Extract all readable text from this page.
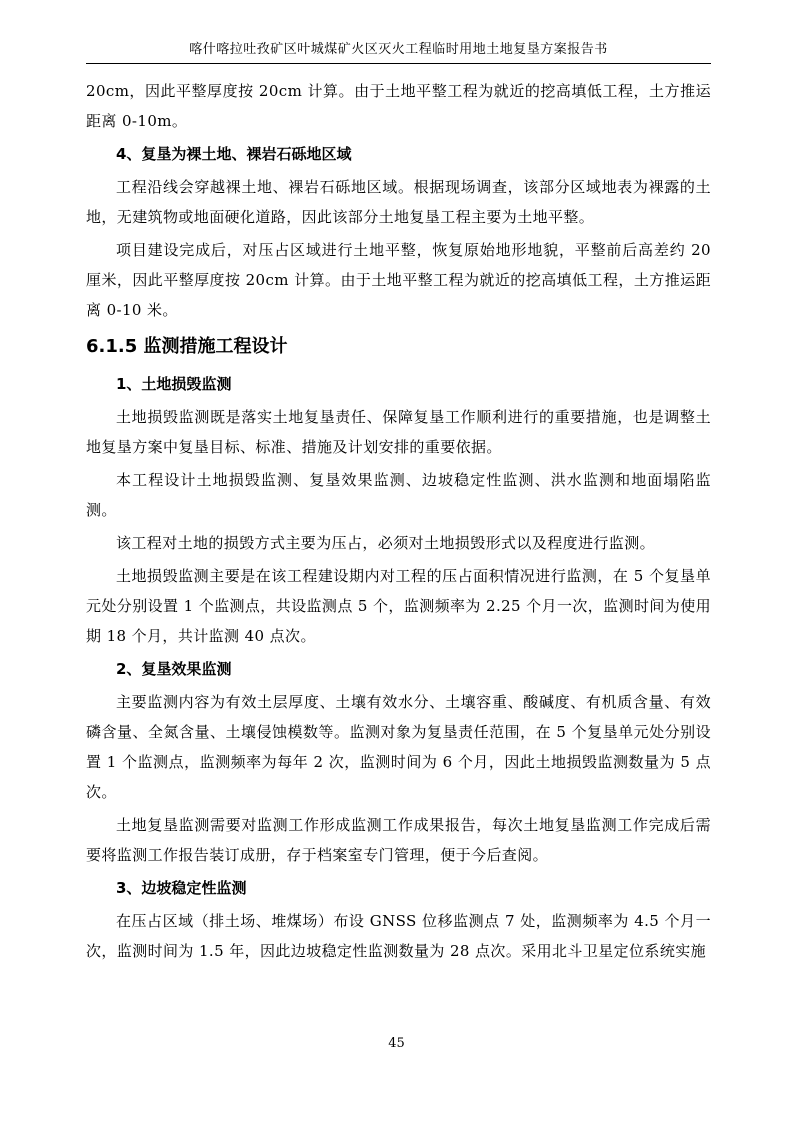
喀什喀拉吐孜矿区叶城煤矿火区灭火工程临时用地土地复垦方案报告书

20cm，因此平整厚度按 20cm 计算。由于土地平整工程为就近的挖高填低工程，土方推运距离 0-10m。

4、复垦为裸土地、裸岩石砾地区域

工程沿线会穿越裸土地、裸岩石砾地区域。根据现场调查，该部分区域地表为裸露的土地，无建筑物或地面硬化道路，因此该部分土地复垦工程主要为土地平整。

项目建设完成后，对压占区域进行土地平整，恢复原始地形地貌，平整前后高差约 20 厘米，因此平整厚度按 20cm 计算。由于土地平整工程为就近的挖高填低工程，土方推运距离 0-10 米。

6.1.5 监测措施工程设计
1、土地损毁监测

土地损毁监测既是落实土地复垦责任、保障复垦工作顺利进行的重要措施，也是调整土地复垦方案中复垦目标、标准、措施及计划安排的重要依据。

本工程设计土地损毁监测、复垦效果监测、边坡稳定性监测、洪水监测和地面塌陷监测。

该工程对土地的损毁方式主要为压占，必须对土地损毁形式以及程度进行监测。

土地损毁监测主要是在该工程建设期内对工程的压占面积情况进行监测，在 5 个复垦单元处分别设置 1 个监测点，共设监测点 5 个，监测频率为 2.25 个月一次，监测时间为使用期 18 个月，共计监测 40 点次。

2、复垦效果监测

主要监测内容为有效土层厚度、土壤有效水分、土壤容重、酸碱度、有机质含量、有效磷含量、全氮含量、土壤侵蚀模数等。监测对象为复垦责任范围，在 5 个复垦单元处分别设置 1 个监测点，监测频率为每年 2 次，监测时间为 6 个月，因此土地损毁监测数量为 5 点次。

土地复垦监测需要对监测工作形成监测工作成果报告，每次土地复垦监测工作完成后需要将监测工作报告装订成册，存于档案室专门管理，便于今后查阅。

3、边坡稳定性监测

在压占区域（排土场、堆煤场）布设 GNSS 位移监测点 7 处，监测频率为 4.5 个月一次，监测时间为 1.5 年，因此边坡稳定性监测数量为 28 点次。采用北斗卫星定位系统实施

45
